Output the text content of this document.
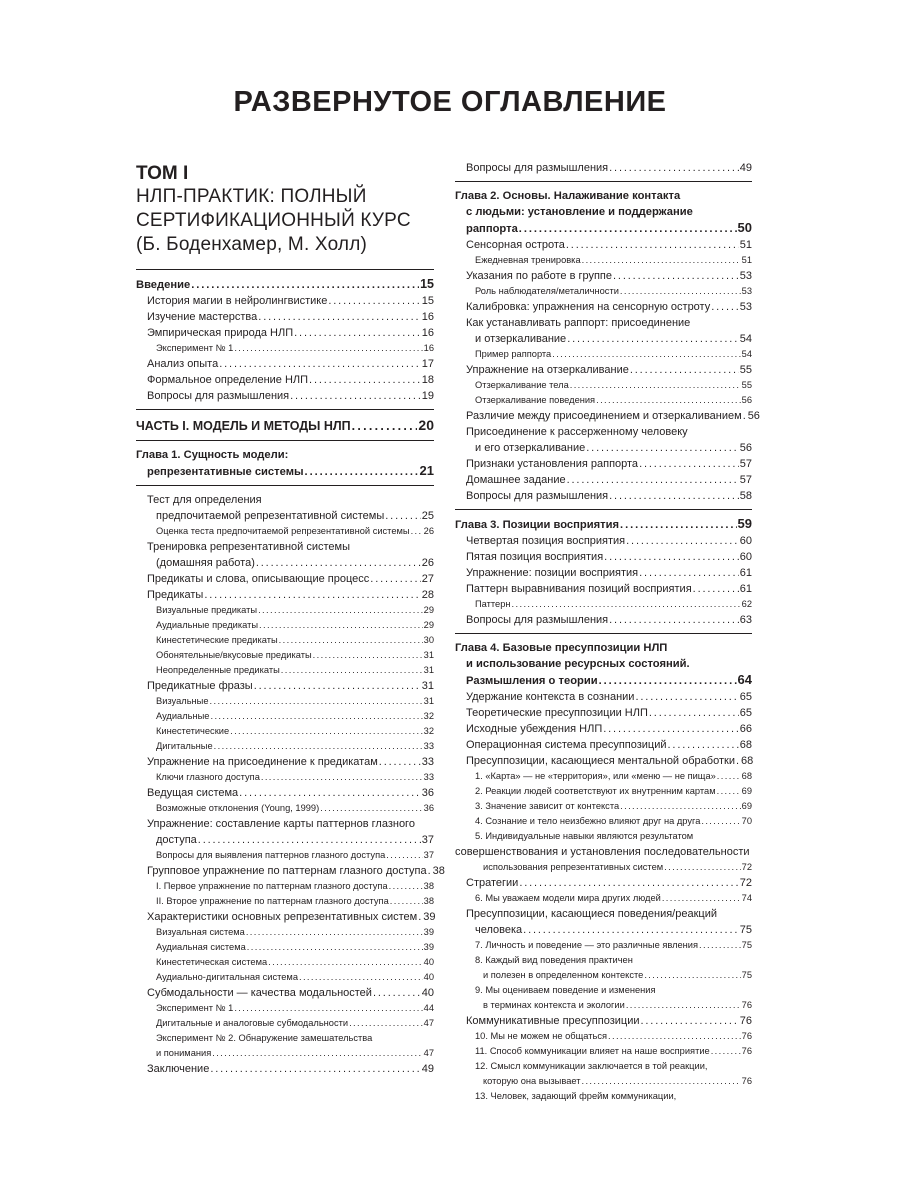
РАЗВЕРНУТОЕ ОГЛАВЛЕНИЕ
ТОМ I
НЛП-ПРАКТИК: ПОЛНЫЙ
СЕРТИФИКАЦИОННЫЙ КУРС
(Б. Боденхамер, М. Холл)
Введение . . .	15
История магии в нейролингвистике . . .	15
Изучение мастерства . . .	16
Эмпирическая природа НЛП . . .	16
Эксперимент № 1 . . .	16
Анализ опыта . . .	17
Формальное определение НЛП . . .	18
Вопросы для размышления . . .	19
ЧАСТЬ I. МОДЕЛЬ И МЕТОДЫ НЛП . . .	20
Глава 1. Сущность модели:
репрезентативные системы . . .	21
Тест для определения
предпочитаемой репрезентативной системы . . .	25
Оценка теста предпочитаемой репрезентативной системы . . . 26
Тренировка репрезентативной системы
(домашняя работа) . . .	26
Предикаты и слова, описывающие процесс . . .	27
Предикаты . . .	28
Визуальные предикаты . . .	29
Аудиальные предикаты . . .	29
Кинестетические предикаты . . .	30
Обонятельные/вкусовые предикаты . . .	31
Неопределенные предикаты . . .	31
Предикатные фразы . . .	31
Визуальные . . .	31
Аудиальные . . .	32
Кинестетические . . .	32
Дигитальные . . .	33
Упражнение на присоединение к предикатам . . .	33
Ключи глазного доступа . . .	33
Ведущая система . . .	36
Возможные отклонения (Young, 1999) . . .	36
Упражнение: составление карты паттернов глазного
доступа . . .	37
Вопросы для выявления паттернов глазного доступа . . .	37
Групповое упражнение по паттернам глазного доступа . . . 38
I. Первое упражнение по паттернам глазного доступа . . .	38
II. Второе упражнение по паттернам глазного доступа . . .	38
Характеристики основных репрезентативных систем . . . 39
Визуальная система . . .	39
Аудиальная система . . .	39
Кинестетическая система . . .	40
Аудиально-дигитальная система . . .	40
Субмодальности — качества модальностей . . .	40
Эксперимент № 1 . . .	44
Дигитальные и аналоговые субмодальности . . .	47
Эксперимент № 2. Обнаружение замешательства
и понимания . . .	47
Заключение . . .	49
Вопросы для размышления . . .	49
Глава 2. Основы. Налаживание контакта
с людьми: установление и поддержание
раппорта . . .	50
Сенсорная острота . . .	51
Ежедневная тренировка . . .	51
Указания по работе в группе . . .	53
Роль наблюдателя/металичности . . .	53
Калибровка: упражнения на сенсорную остроту . . .	53
Как устанавливать раппорт: присоединение
и отзеркаливание . . .	54
Пример раппорта . . .	54
Упражнение на отзеркаливание . . .	55
Отзеркаливание тела . . .	55
Отзеркаливание поведения . . .	56
Различие между присоединением и отзеркаливанием . . . 56
Присоединение к рассерженному человеку
и его отзеркаливание . . .	56
Признаки установления раппорта . . .	57
Домашнее задание . . .	57
Вопросы для размышления . . .	58
Глава 3. Позиции восприятия . . .	59
Четвертая позиция восприятия . . .	60
Пятая позиция восприятия . . .	60
Упражнение: позиции восприятия . . .	61
Паттерн выравнивания позиций восприятия . . .	61
Паттерн . . .	62
Вопросы для размышления . . .	63
Глава 4. Базовые пресуппозиции НЛП
и использование ресурсных состояний.
Размышления о теории . . .	64
Удержание контекста в сознании . . .	65
Теоретические пресуппозиции НЛП . . .	65
Исходные убеждения НЛП . . .	66
Операционная система пресуппозиций . . .	68
Пресуппозиции, касающиеся ментальной обработки . . . 68
1. «Карта» — не «территория», или «меню — не пища» . . .	68
2. Реакции людей соответствуют их внутренним картам . . .	69
3. Значение зависит от контекста . . .	69
4. Сознание и тело неизбежно влияют друг на друга . . .	70
5. Индивидуальные навыки являются результатом
совершенствования и установления последовательности
использования репрезентативных систем . . .	72
Стратегии . . .	72
6. Мы уважаем модели мира других людей . . .	74
Пресуппозиции, касающиеся поведения/реакций
человека . . .	75
7. Личность и поведение — это различные явления . . .	75
8. Каждый вид поведения практичен
и полезен в определенном контексте . . .	75
9. Мы оцениваем поведение и изменения
в терминах контекста и экологии . . .	76
Коммуникативные пресуппозиции . . .	76
10. Мы не можем не общаться . . .	76
11. Способ коммуникации влияет на наше восприятие . . .	76
12. Смысл коммуникации заключается в той реакции,
которую она вызывает . . .	76
13. Человек, задающий фрейм коммуникации,
